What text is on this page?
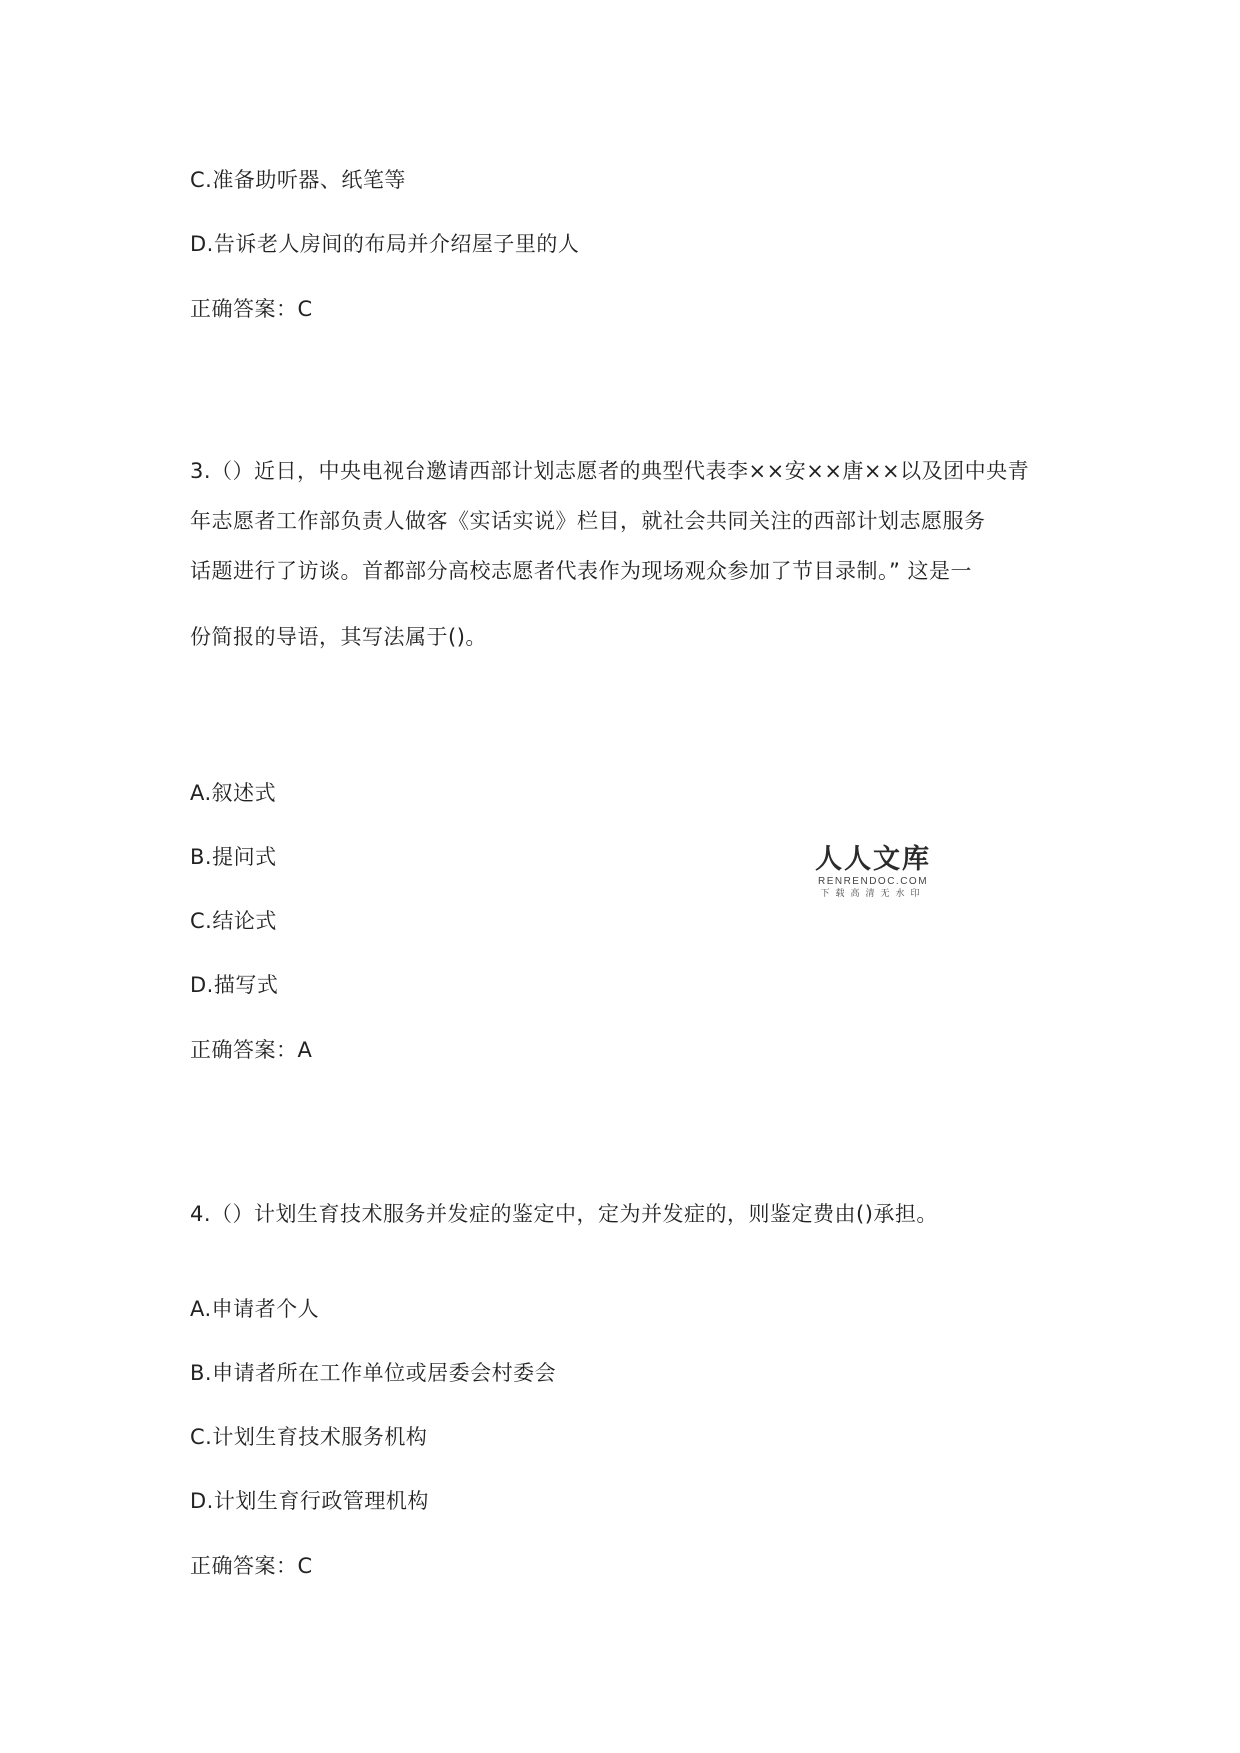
C.准备助听器、纸笔等
D.告诉老人房间的布局并介绍屋子里的人
正确答案：C
3.（）近日，中央电视台邀请西部计划志愿者的典型代表李××安××唐××以及团中央青
年志愿者工作部负责人做客《实话实说》栏目，就社会共同关注的西部计划志愿服务
话题进行了访谈。首都部分高校志愿者代表作为现场观众参加了节目录制。” 这是一
份简报的导语，其写法属于()。
A.叙述式
B.提问式
C.结论式
D.描写式
正确答案：A
4.（）计划生育技术服务并发症的鉴定中，定为并发症的，则鉴定费由()承担。
A.申请者个人
B.申请者所在工作单位或居委会村委会
C.计划生育技术服务机构
D.计划生育行政管理机构
正确答案：C
人人文库
RENRENDOC.COM
下载高清无水印
